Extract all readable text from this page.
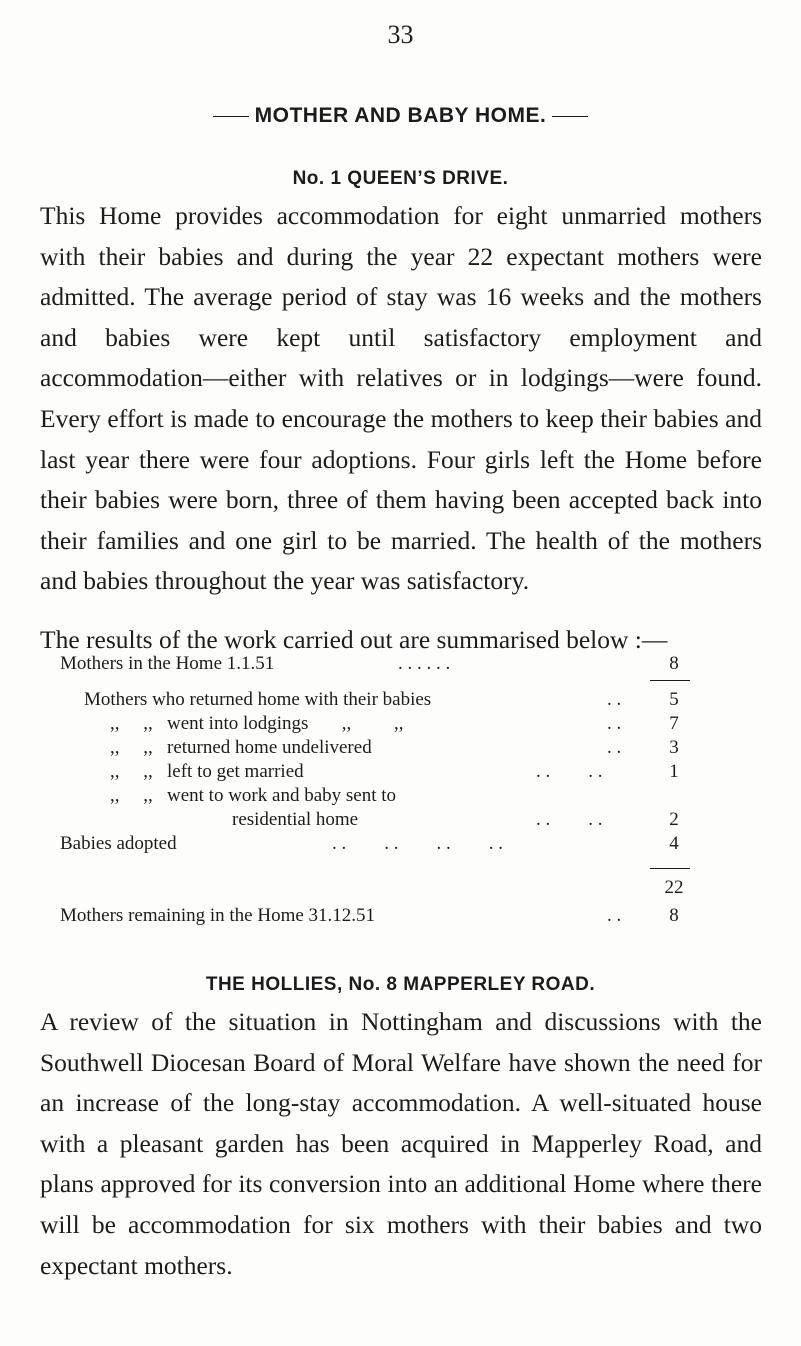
33
MOTHER AND BABY HOME.
No. 1 QUEEN’S DRIVE.

This Home provides accommodation for eight unmarried mothers with their babies and during the year 22 expectant mothers were admitted. The average period of stay was 16 weeks and the mothers and babies were kept until satisfactory employment and accommodation—either with relatives or in lodgings—were found. Every effort is made to encourage the mothers to keep their babies and last year there were four adoptions. Four girls left the Home before their babies were born, three of them having been accepted back into their families and one girl to be married. The health of the mothers and babies throughout the year was satisfactory.

The results of the work carried out are summarised below :—

Mothers in the Home 1.1.51	. . . . . .	8
Mothers who returned home with their babies	. .	5
,,     ,,   went into lodgings       ,,         ,,	. .	7
,,     ,,   returned home undelivered	. .	3
,,     ,,   left to get married	. .        . .	1
,,     ,,   went to work and baby sent to
residential home	. .        . .	2
Babies adopted	. .        . .        . .        . .	4
22
Mothers remaining in the Home 31.12.51	. .	8
THE HOLLIES, No. 8 MAPPERLEY ROAD.

A review of the situation in Nottingham and discussions with the Southwell Diocesan Board of Moral Welfare have shown the need for an increase of the long-stay accommodation. A well-situated house with a pleasant garden has been acquired in Mapperley Road, and plans approved for its conversion into an additional Home where there will be accommodation for six mothers with their babies and two expectant mothers.
